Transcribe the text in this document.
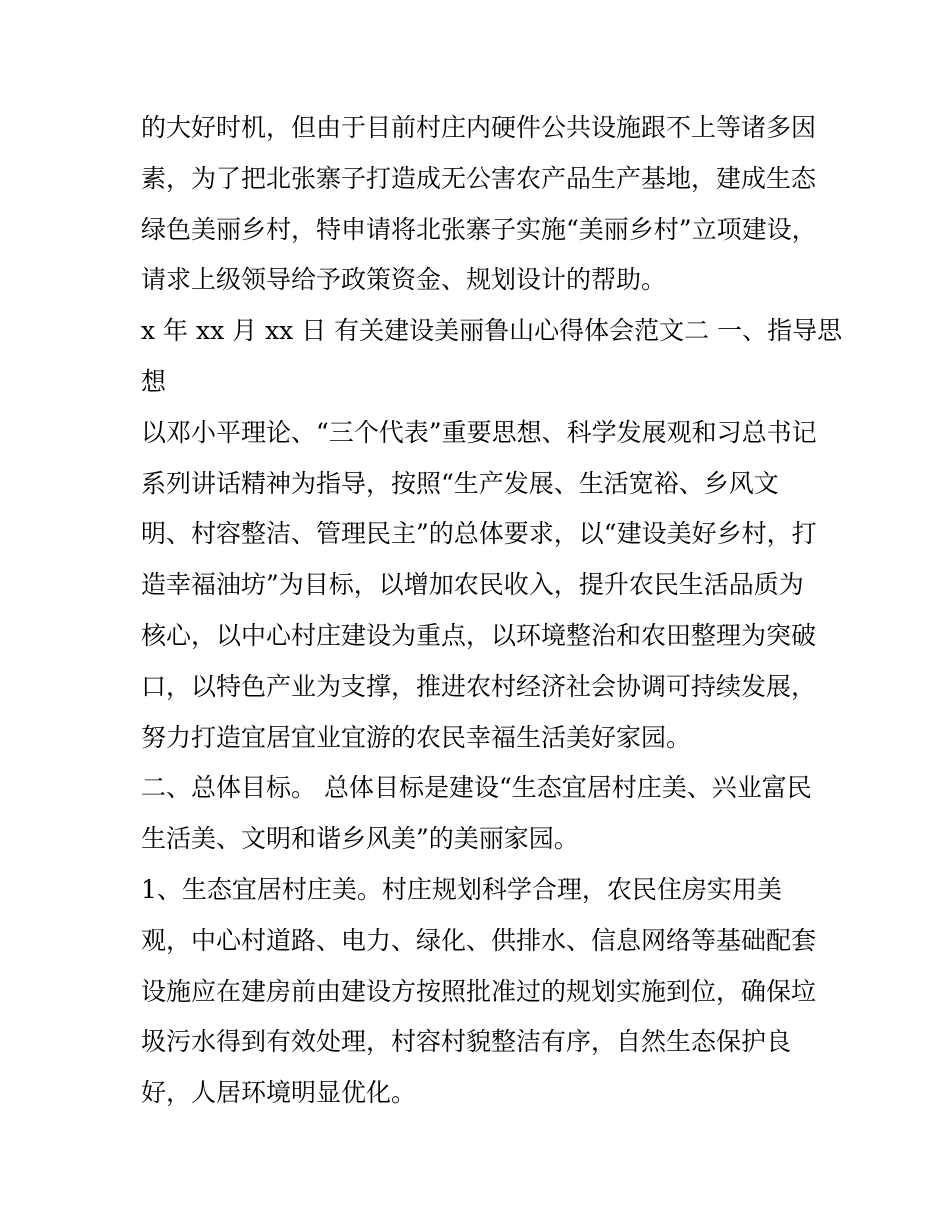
的大好时机，但由于目前村庄内硬件公共设施跟不上等诸多因
素，为了把北张寨子打造成无公害农产品生产基地，建成生态
绿色美丽乡村，特申请将北张寨子实施“美丽乡村”立项建设，
请求上级领导给予政策资金、规划设计的帮助。
x 年 xx 月 xx 日 有关建设美丽鲁山心得体会范文二 一、指导思
想
以邓小平理论、“三个代表”重要思想、科学发展观和习总书记
系列讲话精神为指导，按照“生产发展、生活宽裕、乡风文
明、村容整洁、管理民主”的总体要求，以“建设美好乡村，打
造幸福油坊”为目标，以增加农民收入，提升农民生活品质为
核心，以中心村庄建设为重点，以环境整治和农田整理为突破
口，以特色产业为支撑，推进农村经济社会协调可持续发展，
努力打造宜居宜业宜游的农民幸福生活美好家园。
二、总体目标。 总体目标是建设“生态宜居村庄美、兴业富民
生活美、文明和谐乡风美”的美丽家园。
1、生态宜居村庄美。村庄规划科学合理，农民住房实用美
观，中心村道路、电力、绿化、供排水、信息网络等基础配套
设施应在建房前由建设方按照批准过的规划实施到位，确保垃
圾污水得到有效处理，村容村貌整洁有序，自然生态保护良
好，人居环境明显优化。
